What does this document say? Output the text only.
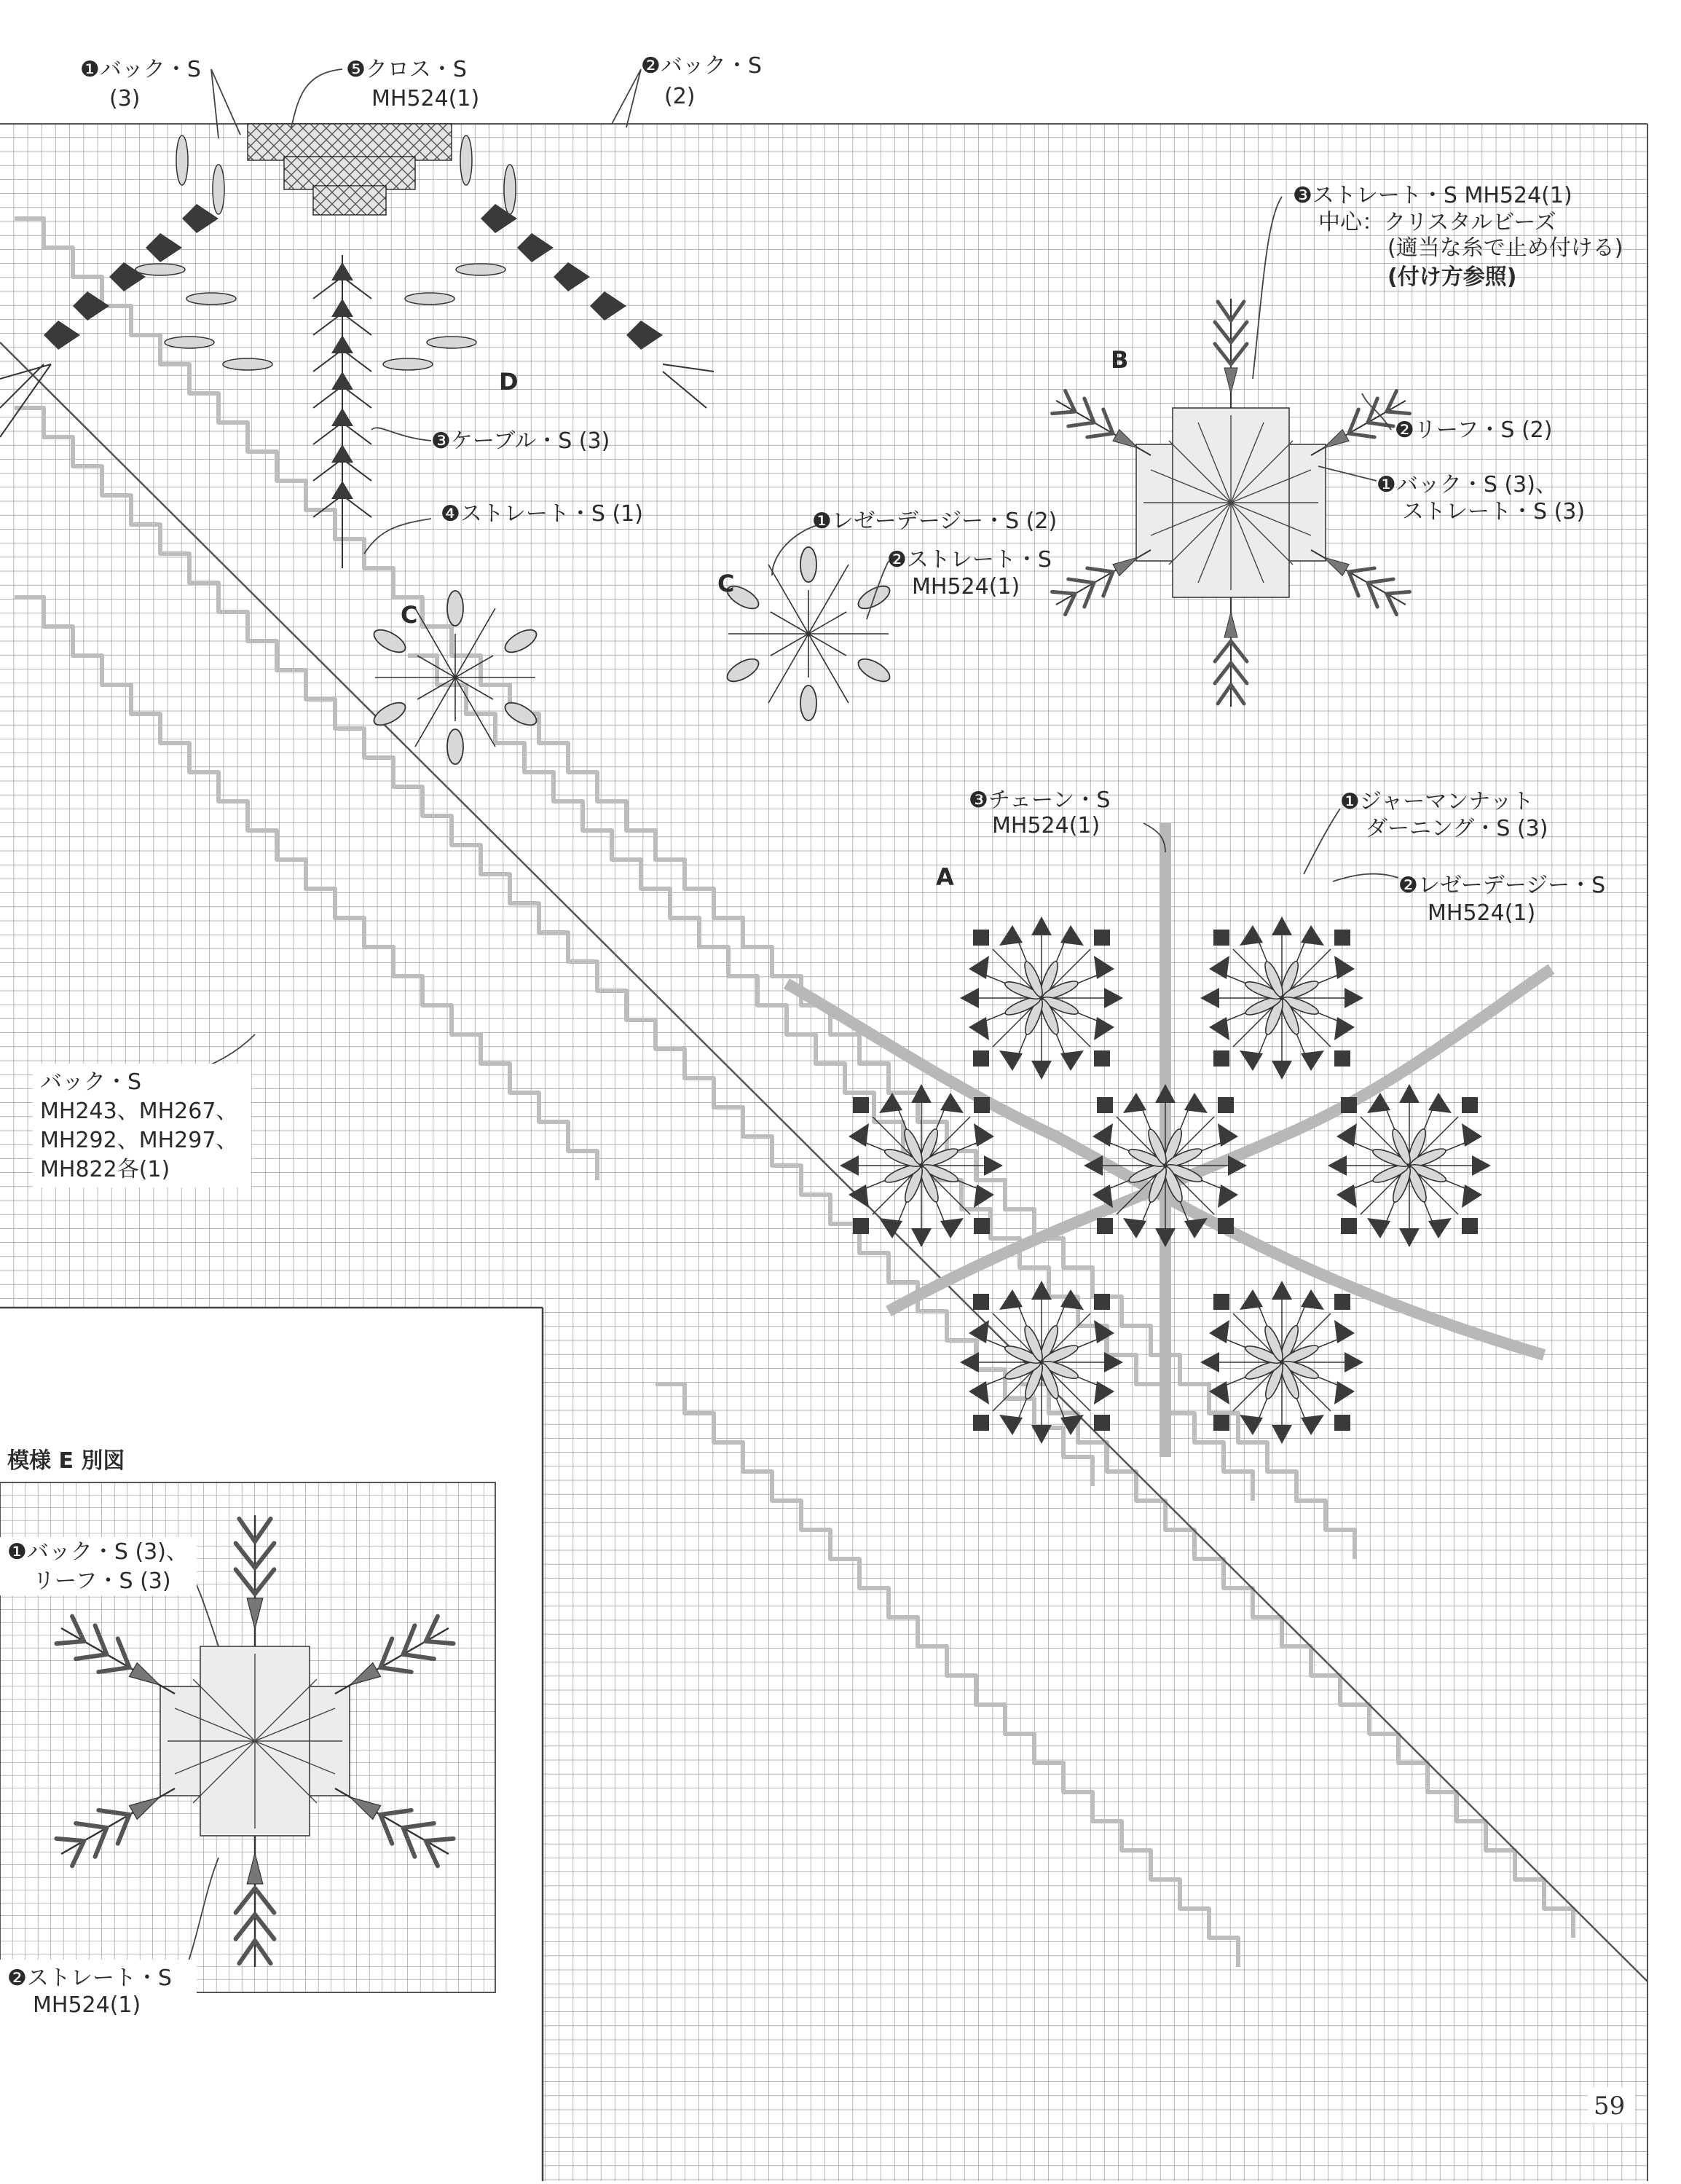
❶バック・S
(3)
❺クロス・S
MH524(1)
❷バック・S
(2)
❸ケーブル・S (3)
❹ストレート・S (1)
❸ストレート・S MH524(1)
中心：クリスタルビーズ
(適当な糸で止め付ける)
(付け方参照)
❷リーフ・S (2)
❶バック・S (3)、
ストレート・S (3)
❶レゼーデージー・S (2)
❷ストレート・S
MH524(1)
❸チェーン・S
MH524(1)
❶ジャーマンナット
ダーニング・S (3)
❷レゼーデージー・S
MH524(1)
バック・S
MH243、MH267、
MH292、MH297、
MH822各(1)
模様 E 別図
❶バック・S (3)、
リーフ・S (3)
❷ストレート・S
MH524(1)
A
B
C
C
D
59
